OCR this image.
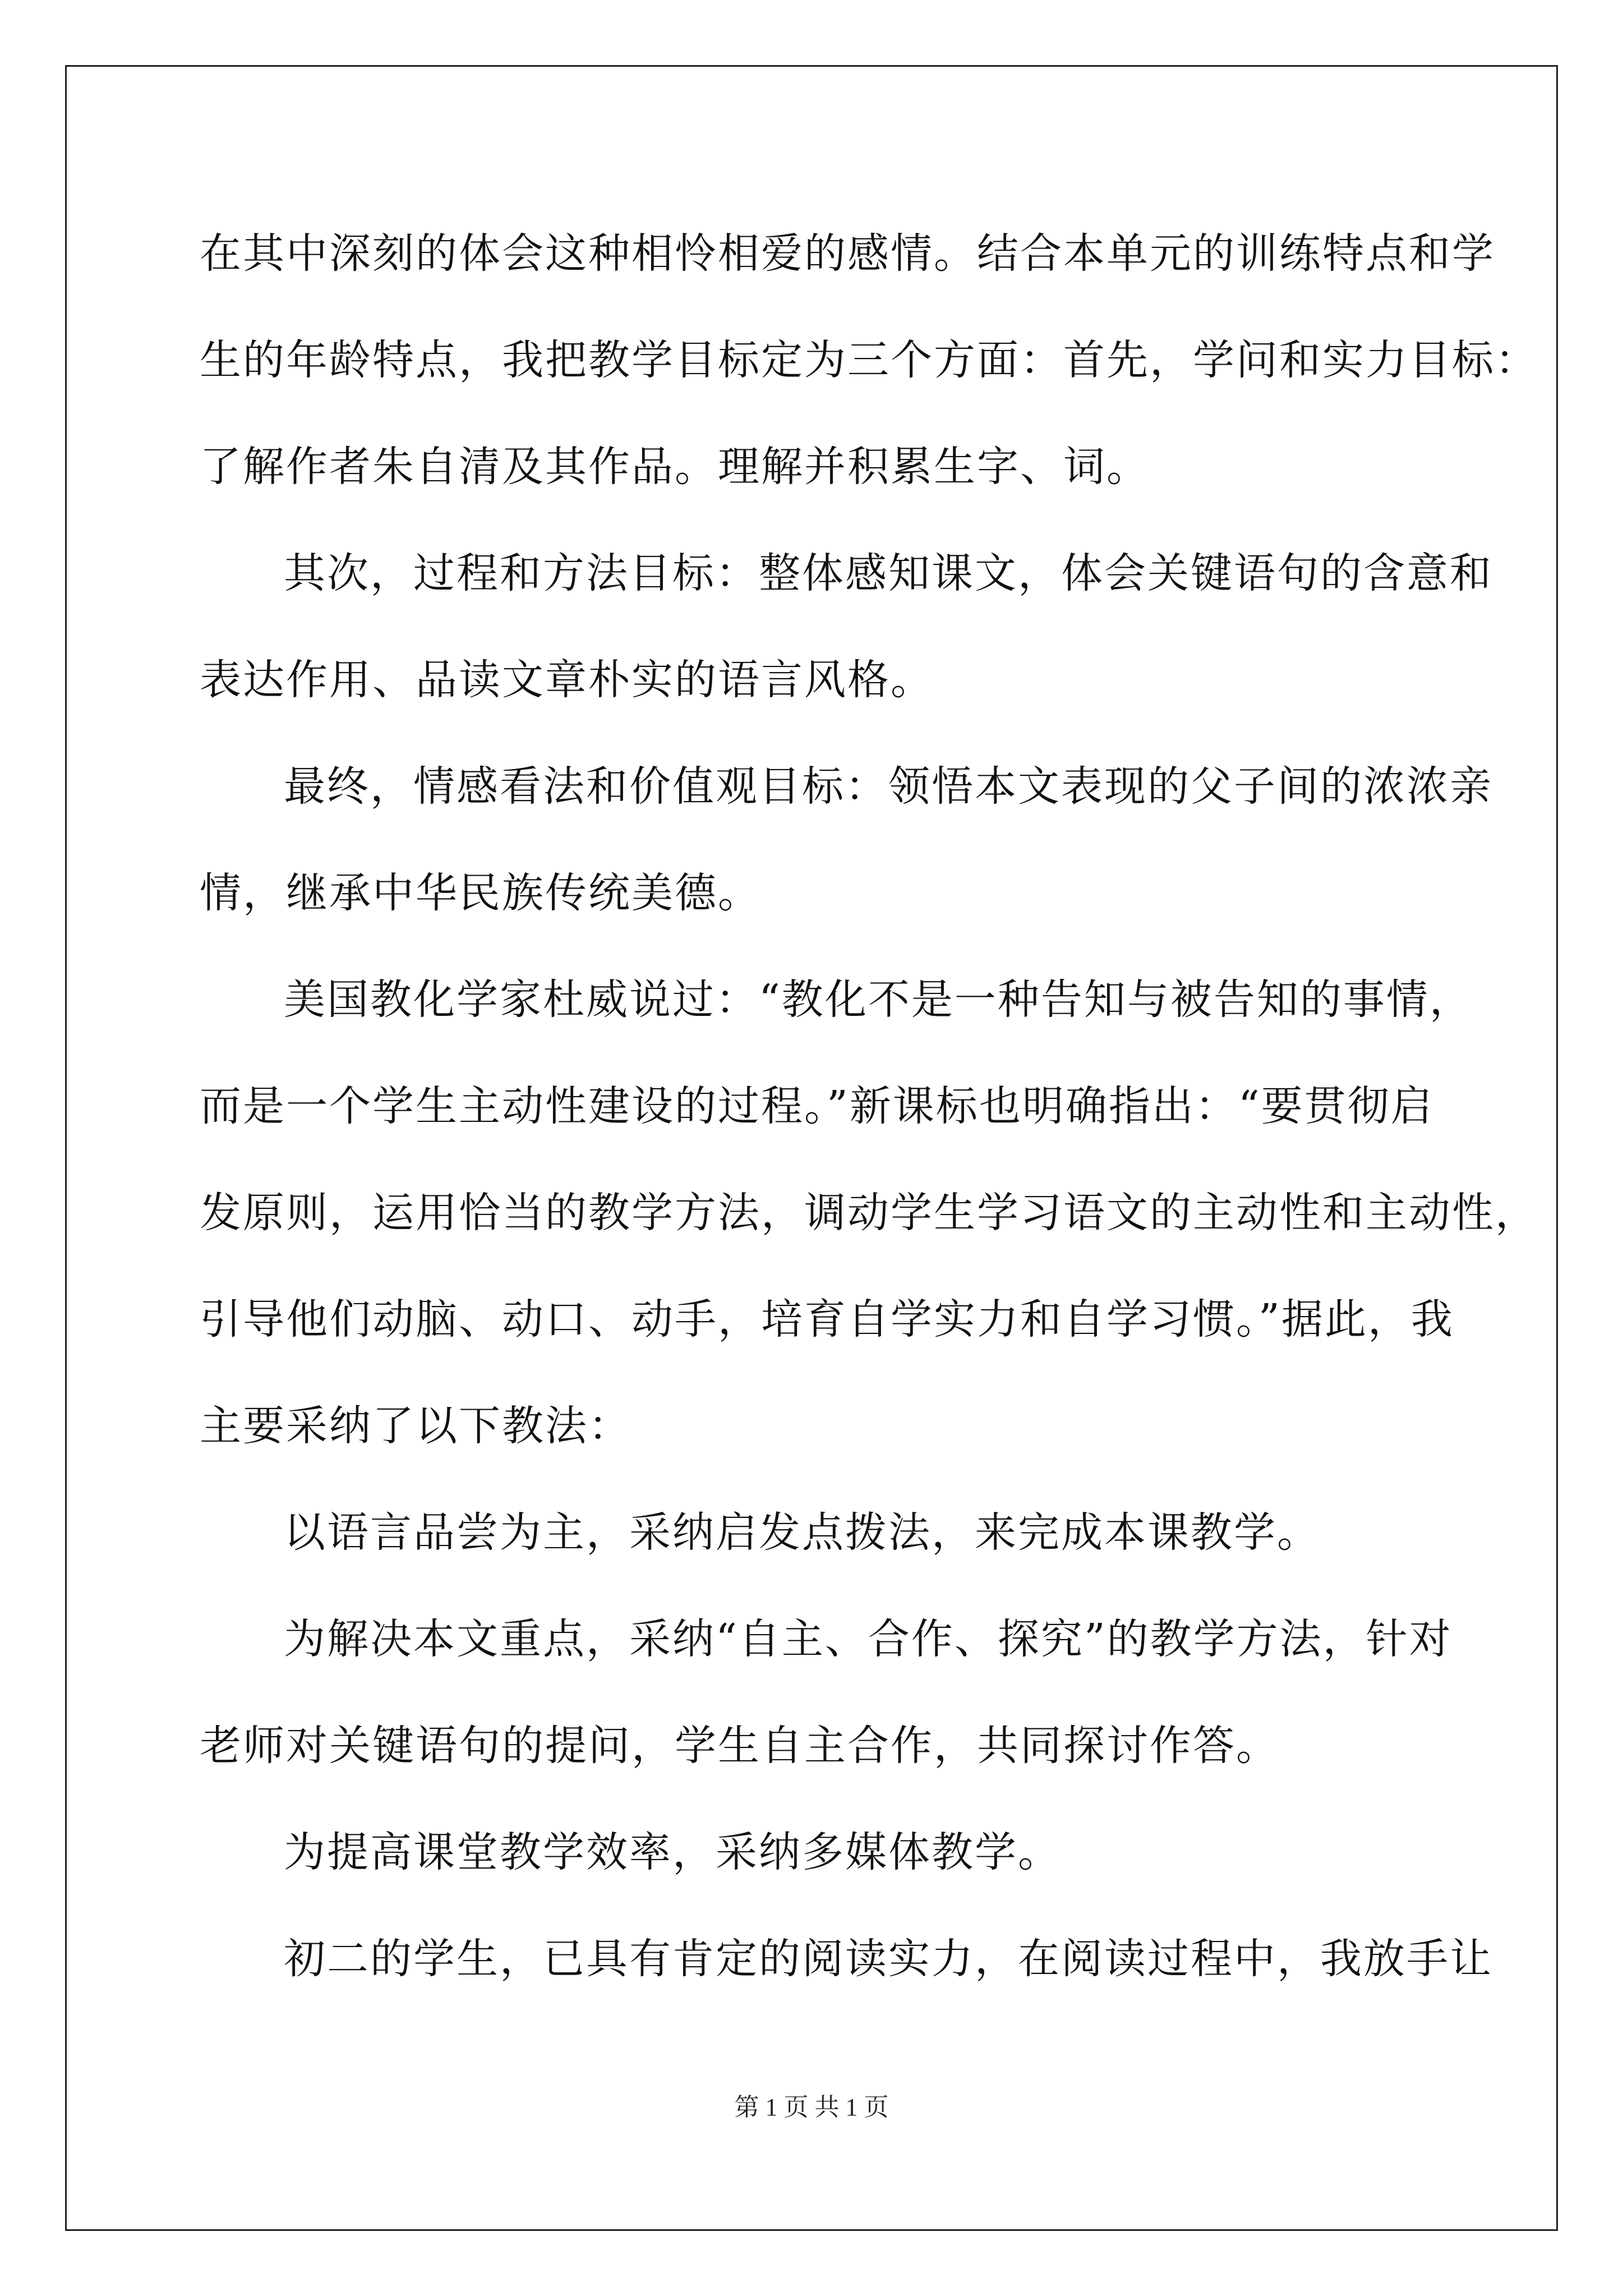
在其中深刻的体会这种相怜相爱的感情。结合本单元的训练特点和学
生的年龄特点，我把教学目标定为三个方面：首先，学问和实力目标：
了解作者朱自清及其作品。理解并积累生字、词。
其次，过程和方法目标：整体感知课文，体会关键语句的含意和
表达作用、品读文章朴实的语言风格。
最终，情感看法和价值观目标：领悟本文表现的父子间的浓浓亲
情，继承中华民族传统美德。
美国教化学家杜威说过：“教化不是一种告知与被告知的事情，
而是一个学生主动性建设的过程。”新课标也明确指出：“要贯彻启
发原则，运用恰当的教学方法，调动学生学习语文的主动性和主动性，
引导他们动脑、动口、动手，培育自学实力和自学习惯。”据此，我
主要采纳了以下教法：
以语言品尝为主，采纳启发点拨法，来完成本课教学。
为解决本文重点，采纳“自主、合作、探究”的教学方法，针对
老师对关键语句的提问，学生自主合作，共同探讨作答。
为提高课堂教学效率，采纳多媒体教学。
初二的学生，已具有肯定的阅读实力，在阅读过程中，我放手让
第 1 页 共 1 页
